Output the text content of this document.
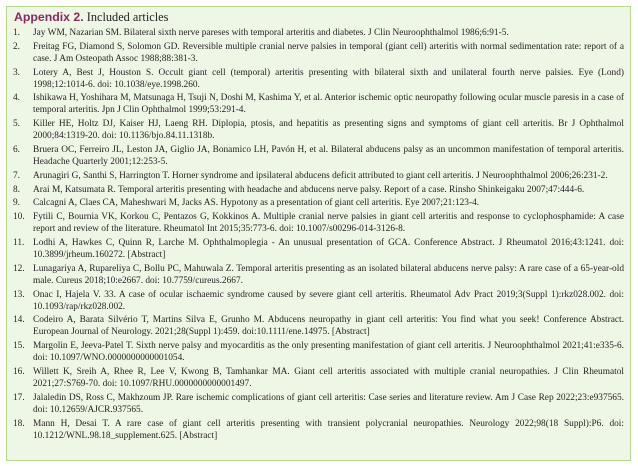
Appendix 2. Included articles
1.	Jay WM, Nazarian SM. Bilateral sixth nerve pareses with temporal arteritis and diabetes. J Clin Neuroophthalmol 1986;6:91-5.
2.	Freitag FG, Diamond S, Solomon GD. Reversible multiple cranial nerve palsies in temporal (giant cell) arteritis with normal sedimentation rate: report of a case. J Am Osteopath Assoc 1988;88:381-3.
3.	Lotery A, Best J, Houston S. Occult giant cell (temporal) arteritis presenting with bilateral sixth and unilateral fourth nerve palsies. Eye (Lond) 1998;12:1014-6. doi: 10.1038/eye.1998.260.
4.	Ishikawa H, Yoshihara M, Matsunaga H, Tsuji N, Doshi M, Kashima Y, et al. Anterior ischemic optic neuropathy following ocular muscle paresis in a case of temporal arteritis. Jpn J Clin Ophthalmol 1999;53:291-4.
5.	Killer HE, Holtz DJ, Kaiser HJ, Laeng RH. Diplopia, ptosis, and hepatitis as presenting signs and symptoms of giant cell arteritis. Br J Ophthalmol 2000;84:1319-20. doi: 10.1136/bjo.84.11.1318b.
6.	Bruera OC, Ferreiro JL, Leston JA, Giglio JA, Bonamico LH, Pavón H, et al. Bilateral abducens palsy as an uncommon manifestation of temporal arteritis. Headache Quarterly 2001;12:253-5.
7.	Arunagiri G, Santhi S, Harrington T. Horner syndrome and ipsilateral abducens deficit attributed to giant cell arteritis. J Neuroophthalmol 2006;26:231-2.
8.	Arai M, Katsumata R. Temporal arteritis presenting with headache and abducens nerve palsy. Report of a case. Rinsho Shinkeigaku 2007;47:444-6.
9.	Calcagni A, Claes CA, Maheshwari M, Jacks AS. Hypotony as a presentation of giant cell arteritis. Eye 2007;21:123-4.
10. Fytili C, Bournia VK, Korkou C, Pentazos G, Kokkinos A. Multiple cranial nerve palsies in giant cell arteritis and response to cyclophosphamide: A case report and review of the literature. Rheumatol Int 2015;35:773-6. doi: 10.1007/s00296-014-3126-8.
11. Lodhi A, Hawkes C, Quinn R, Larche M. Ophthalmoplegia - An unusual presentation of GCA. Conference Abstract. J Rheumatol 2016;43:1241. doi: 10.3899/jrheum.160272. [Abstract]
12. Lunagariya A, Rupareliya C, Bollu PC, Mahuwala Z. Temporal arteritis presenting as an isolated bilateral abducens nerve palsy: A rare case of a 65-year-old male. Cureus 2018;10:e2667. doi: 10.7759/cureus.2667.
13. Onac I, Hajela V. 33. A case of ocular ischaemic syndrome caused by severe giant cell arteritis. Rheumatol Adv Pract 2019;3(Suppl 1):rkz028.002. doi: 10.1093/rap/rkz028.002.
14. Codeiro A, Barata Silvério T, Martins Silva E, Grunho M. Abducens neuropathy in giant cell arteritis: You find what you seek! Conference Abstract. European Journal of Neurology. 2021;28(Suppl 1):459. doi:10.1111/ene.14975. [Abstract]
15. Margolin E, Jeeva-Patel T. Sixth nerve palsy and myocarditis as the only presenting manifestation of giant cell arteritis. J Neuroophthalmol 2021;41:e335-6. doi: 10.1097/WNO.0000000000001054.
16. Willett K, Sreih A, Rhee R, Lee V, Kwong B, Tamhankar MA. Giant cell arteritis associated with multiple cranial neuropathies. J Clin Rheumatol 2021;27:S769-70. doi: 10.1097/RHU.0000000000001497.
17. Jalaledin DS, Ross C, Makhzoum JP. Rare ischemic complications of giant cell arteritis: Case series and literature review. Am J Case Rep 2022;23:e937565. doi: 10.12659/AJCR.937565.
18. Mann H, Desai T. A rare case of giant cell arteritis presenting with transient polycranial neuropathies. Neurology 2022;98(18 Suppl):P6. doi: 10.1212/WNL.98.18_supplement.625. [Abstract]
